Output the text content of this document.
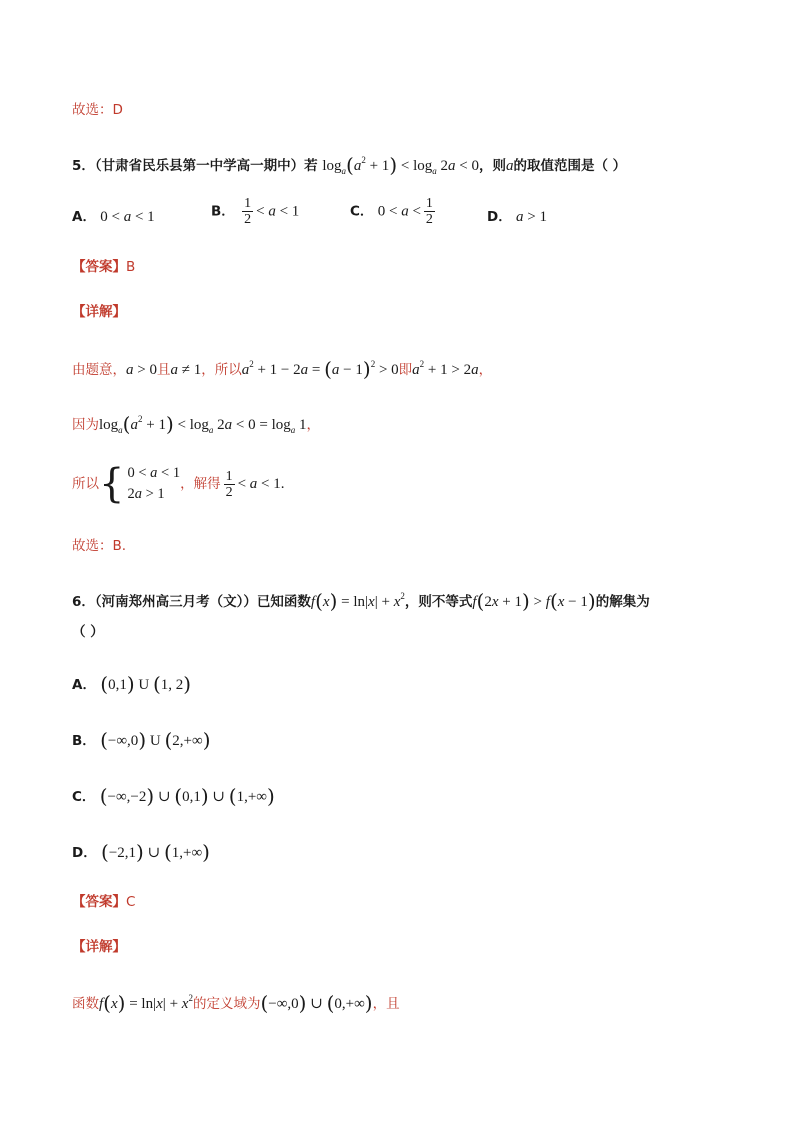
故选：D
5．（甘肃省民乐县第一中学高一期中）若 $\log_a(a^2 + 1) < \log_a 2a < 0$，则a的取值范围是（ ）
A． 0 < a < 1	B． $\frac{1}{2} < a < 1$	C． $0 < a < \frac{1}{2}$	D． a > 1
【答案】B
【详解】
由题意，a > 0且a ≠ 1，所以$a^2 + 1 - 2a = (a - 1)^2 > 0$即$a^2 + 1 > 2a$，
因为$\log_a(a^2 + 1) < \log_a 2a < 0 = \log_a 1$，
所以 { 0 < a < 1
2a > 1
，解得 $\frac{1}{2} < a < 1$.
故选：B.
6．（河南郑州高三月考（文））已知函数$f(x) = \ln|x| + x^2$，则不等式f(2x + 1) > f(x − 1)的解集为
（ ）
A． (0,1) U (1, 2)
B． (−∞,0) U (2,+∞)
C． (−∞,−2) ∪ (0,1) ∪ (1,+∞)
D． (−2,1) ∪ (1,+∞)
【答案】C
【详解】
函数$f(x) = \ln|x| + x^2$的定义域为(−∞,0) ∪ (0,+∞)，且
